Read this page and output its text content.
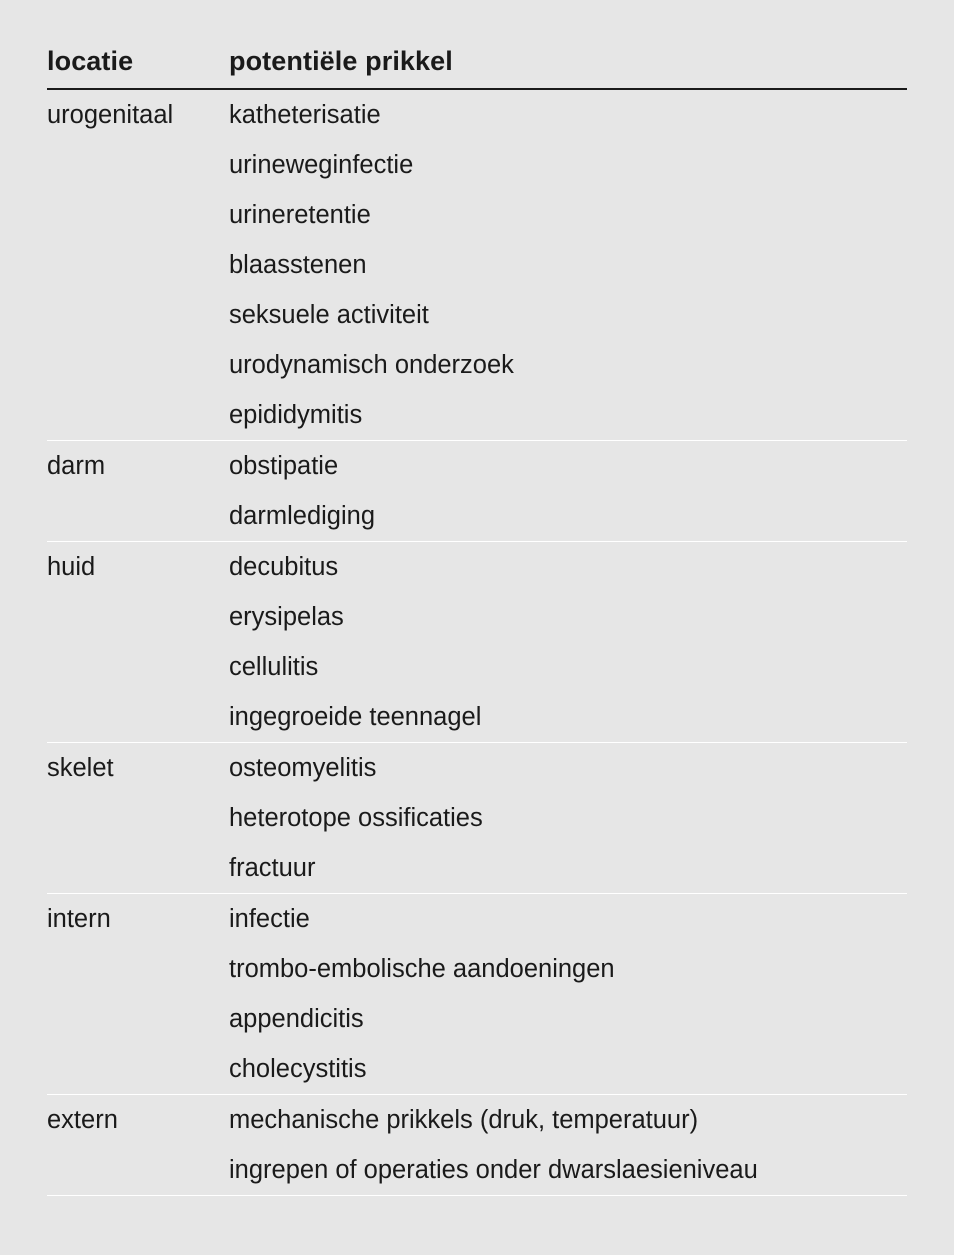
locatie	potentiële prikkel
urogenitaal	katheterisatie
	urineweginfectie
	urineretentie
	blaasstenen
	seksuele activiteit
	urodynamisch onderzoek
	epididymitis
darm	obstipatie
	darmlediging
huid	decubitus
	erysipelas
	cellulitis
	ingegroeide teennagel
skelet	osteomyelitis
	heterotope ossificaties
	fractuur
intern	infectie
	trombo-embolische aandoeningen
	appendicitis
	cholecystitis
extern	mechanische prikkels (druk, temperatuur)
	ingrepen of operaties onder dwarslaesieniveau
